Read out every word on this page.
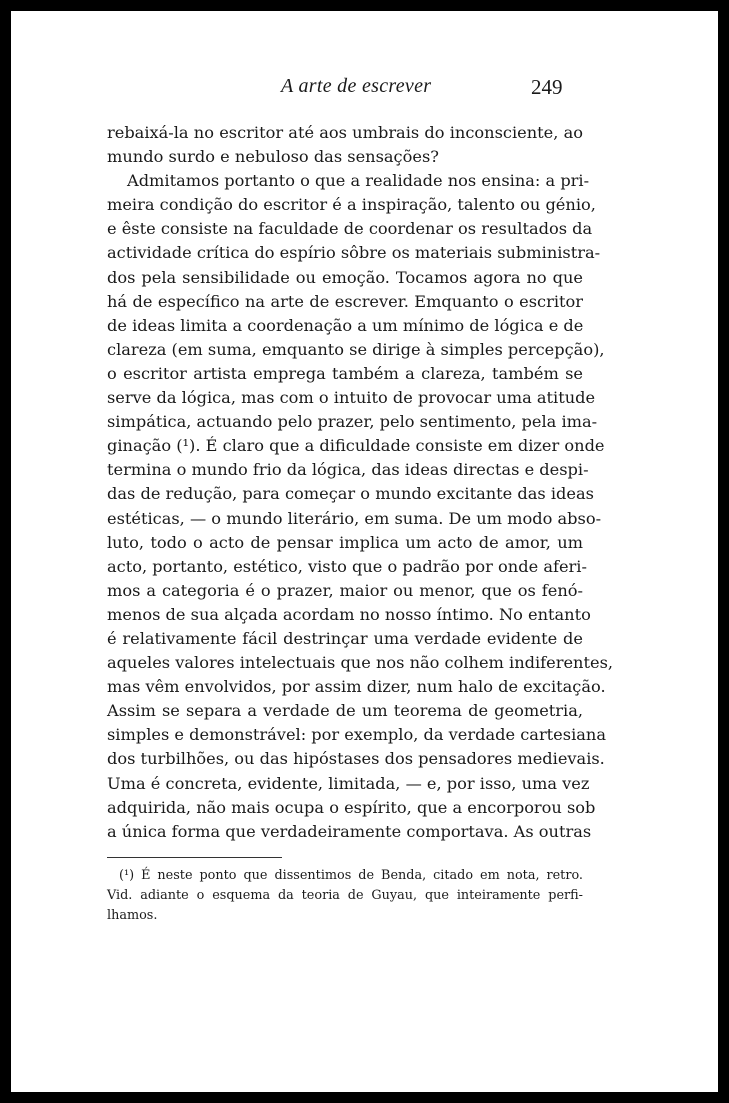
A arte de escrever	249
rebaixá-la no escritor até aos umbrais do inconsciente, ao
mundo surdo e nebuloso das sensações?
Admitamos portanto o que a realidade nos ensina: a pri-
meira condição do escritor é a inspiração, talento ou génio,
e êste consiste na faculdade de coordenar os resultados da
actividade crítica do espírio sôbre os materiais subministra-
dos pela sensibilidade ou emoção. Tocamos agora no que
há de específico na arte de escrever. Emquanto o escritor
de ideas limita a coordenação a um mínimo de lógica e de
clareza (em suma, emquanto se dirige à simples percepção),
o escritor artista emprega também a clareza, também se
serve da lógica, mas com o intuito de provocar uma atitude
simpática, actuando pelo prazer, pelo sentimento, pela ima-
ginação (¹). É claro que a dificuldade consiste em dizer onde
termina o mundo frio da lógica, das ideas directas e despi-
das de redução, para começar o mundo excitante das ideas
estéticas, — o mundo literário, em suma. De um modo abso-
luto, todo o acto de pensar implica um acto de amor, um
acto, portanto, estético, visto que o padrão por onde aferi-
mos a categoria é o prazer, maior ou menor, que os fenó-
menos de sua alçada acordam no nosso íntimo. No entanto
é relativamente fácil destrinçar uma verdade evidente de
aqueles valores intelectuais que nos não colhem indiferentes,
mas vêm envolvidos, por assim dizer, num halo de excitação.
Assim se separa a verdade de um teorema de geometria,
simples e demonstrável: por exemplo, da verdade cartesiana
dos turbilhões, ou das hipóstases dos pensadores medievais.
Uma é concreta, evidente, limitada, — e, por isso, uma vez
adquirida, não mais ocupa o espírito, que a encorporou sob
a única forma que verdadeiramente comportava. As outras
(¹) É neste ponto que dissentimos de Benda, citado em nota, retro.
Vid. adiante o esquema da teoria de Guyau, que inteiramente perfi-
lhamos.
